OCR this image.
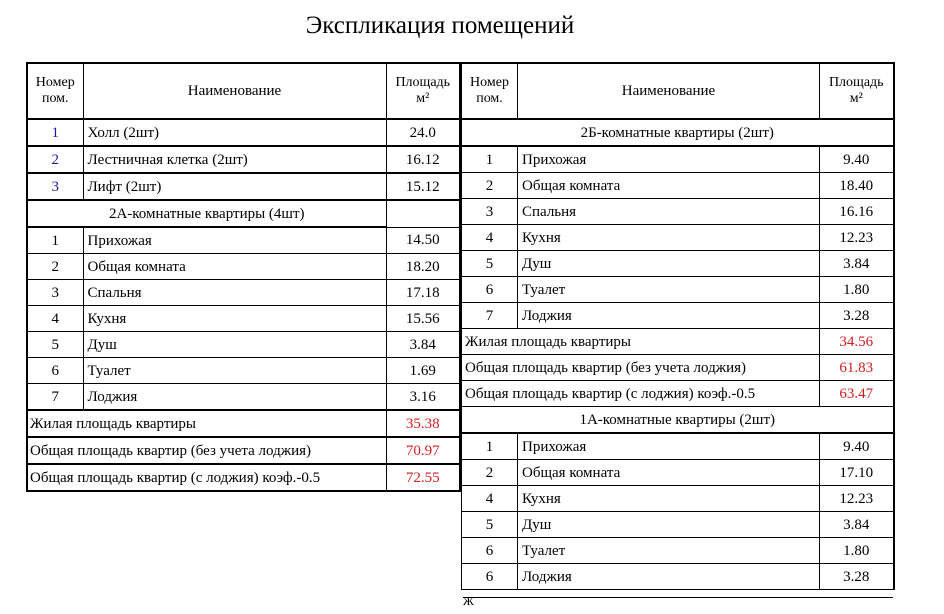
Экспликация помещений
Номер пом.	Наименование	Площадь м²
1	Холл (2шт)	24.0
2	Лестничная клетка (2шт)	16.12
3	Лифт (2шт)	15.12
2А-комнатные квартиры (4шт)		
1	Прихожая	14.50
2	Общая комната	18.20
3	Спальня	17.18
4	Кухня	15.56
5	Душ	3.84
6	Туалет	1.69
7	Лоджия	3.16
Жилая площадь квартиры		35.38
Общая площадь квартир (без учета лоджия)		70.97
Общая площадь квартир (с лоджия) коэф.-0.5		72.55
Номер пом.	Наименование	Площадь м²
2Б-комнатные квартиры (2шт)		
1	Прихожая	9.40
2	Общая комната	18.40
3	Спальня	16.16
4	Кухня	12.23
5	Душ	3.84
6	Туалет	1.80
7	Лоджия	3.28
Жилая площадь квартиры		34.56
Общая площадь квартир (без учета лоджия)		61.83
Общая площадь квартир (с лоджия) коэф.-0.5		63.47
1А-комнатные квартиры (2шт)		
1	Прихожая	9.40
2	Общая комната	17.10
4	Кухня	12.23
5	Душ	3.84
6	Туалет	1.80
6	Лоджия	3.28
Ж
